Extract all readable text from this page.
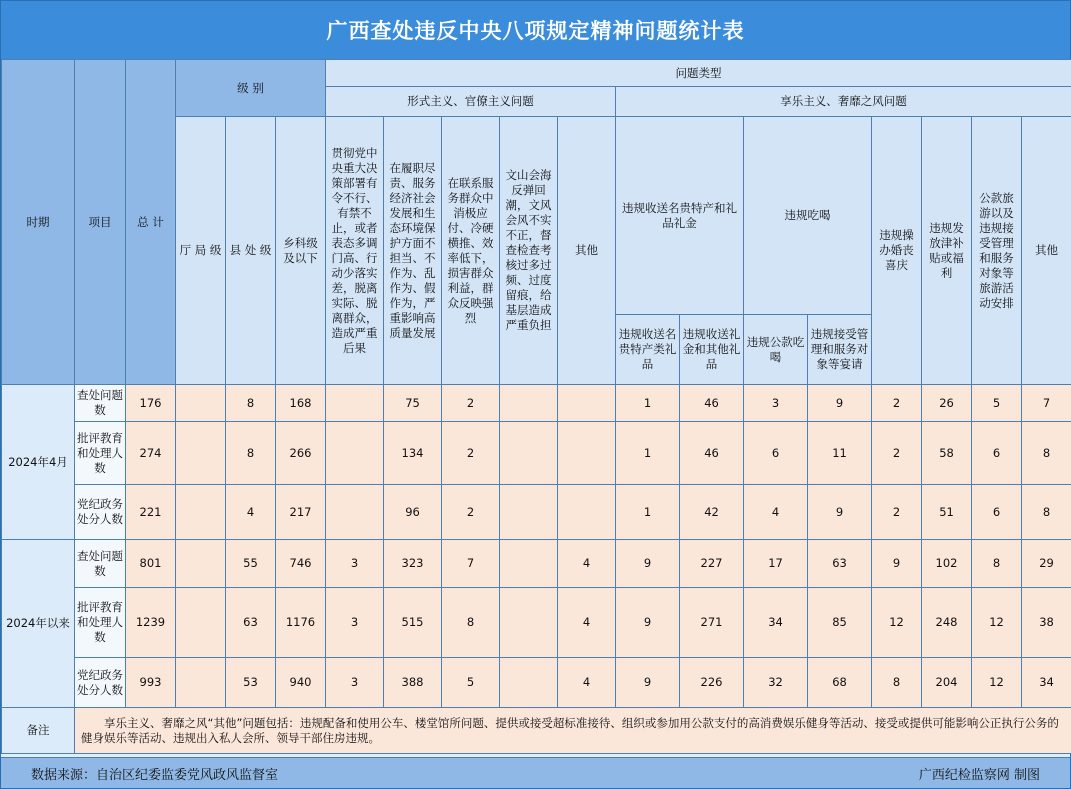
广西查处违反中央八项规定精神问题统计表
时期	项目	总 计	级 别			问题类型												
						形式主义、官僚主义问题					享乐主义、奢靡之风问题							
			厅 局 级	县 处 级	乡科级及以下	贯彻党中央重大决策部署有令不行、有禁不止，或者表态多调门高、行动少落实差，脱离实际、脱离群众，造成严重后果	在履职尽责、服务经济社会发展和生态环境保护方面不担当、不作为、乱作为、假作为，严重影响高质量发展	在联系服务群众中消极应付、冷硬横推、效率低下，损害群众利益，群众反映强烈	文山会海反弹回潮，文风会风不实不正，督查检查考核过多过频、过度留痕，给基层造成严重负担	其他	违规收送名贵特产和礼品礼金		违规吃喝		违规操办婚丧喜庆	违规发放津补贴或福利	公款旅游以及违规接受管理和服务对象等旅游活动安排	其他

											违规收送名贵特产类礼品	违规收送礼金和其他礼品	违规公款吃喝	违规接受管理和服务对象等宴请				
2024年4月	查处问题数	176		8	168		75	2			1	46	3	9	2	26	5	7
	批评教育和处理人数	274		8	266		134	2			1	46	6	11	2	58	6	8
	党纪政务处分人数	221		4	217		96	2			1	42	4	9	2	51	6	8
2024年以来	查处问题数	801		55	746	3	323	7		4	9	227	17	63	9	102	8	29
	批评教育和处理人数	1239		63	1176	3	515	8		4	9	271	34	85	12	248	12	38
	党纪政务处分人数	993		53	940	3	388	5		4	9	226	32	68	8	204	12	34
备注	享乐主义、奢靡之风“其他”问题包括：违规配备和使用公车、楼堂馆所问题、提供或接受超标准接待、组织或参加用公款支付的高消费娱乐健身等活动、接受或提供可能影响公正执行公务的健身娱乐等活动、违规出入私人会所、领导干部住房违规。																	
数据来源：自治区纪委监委党风政风监督室	广西纪检监察网 制图
